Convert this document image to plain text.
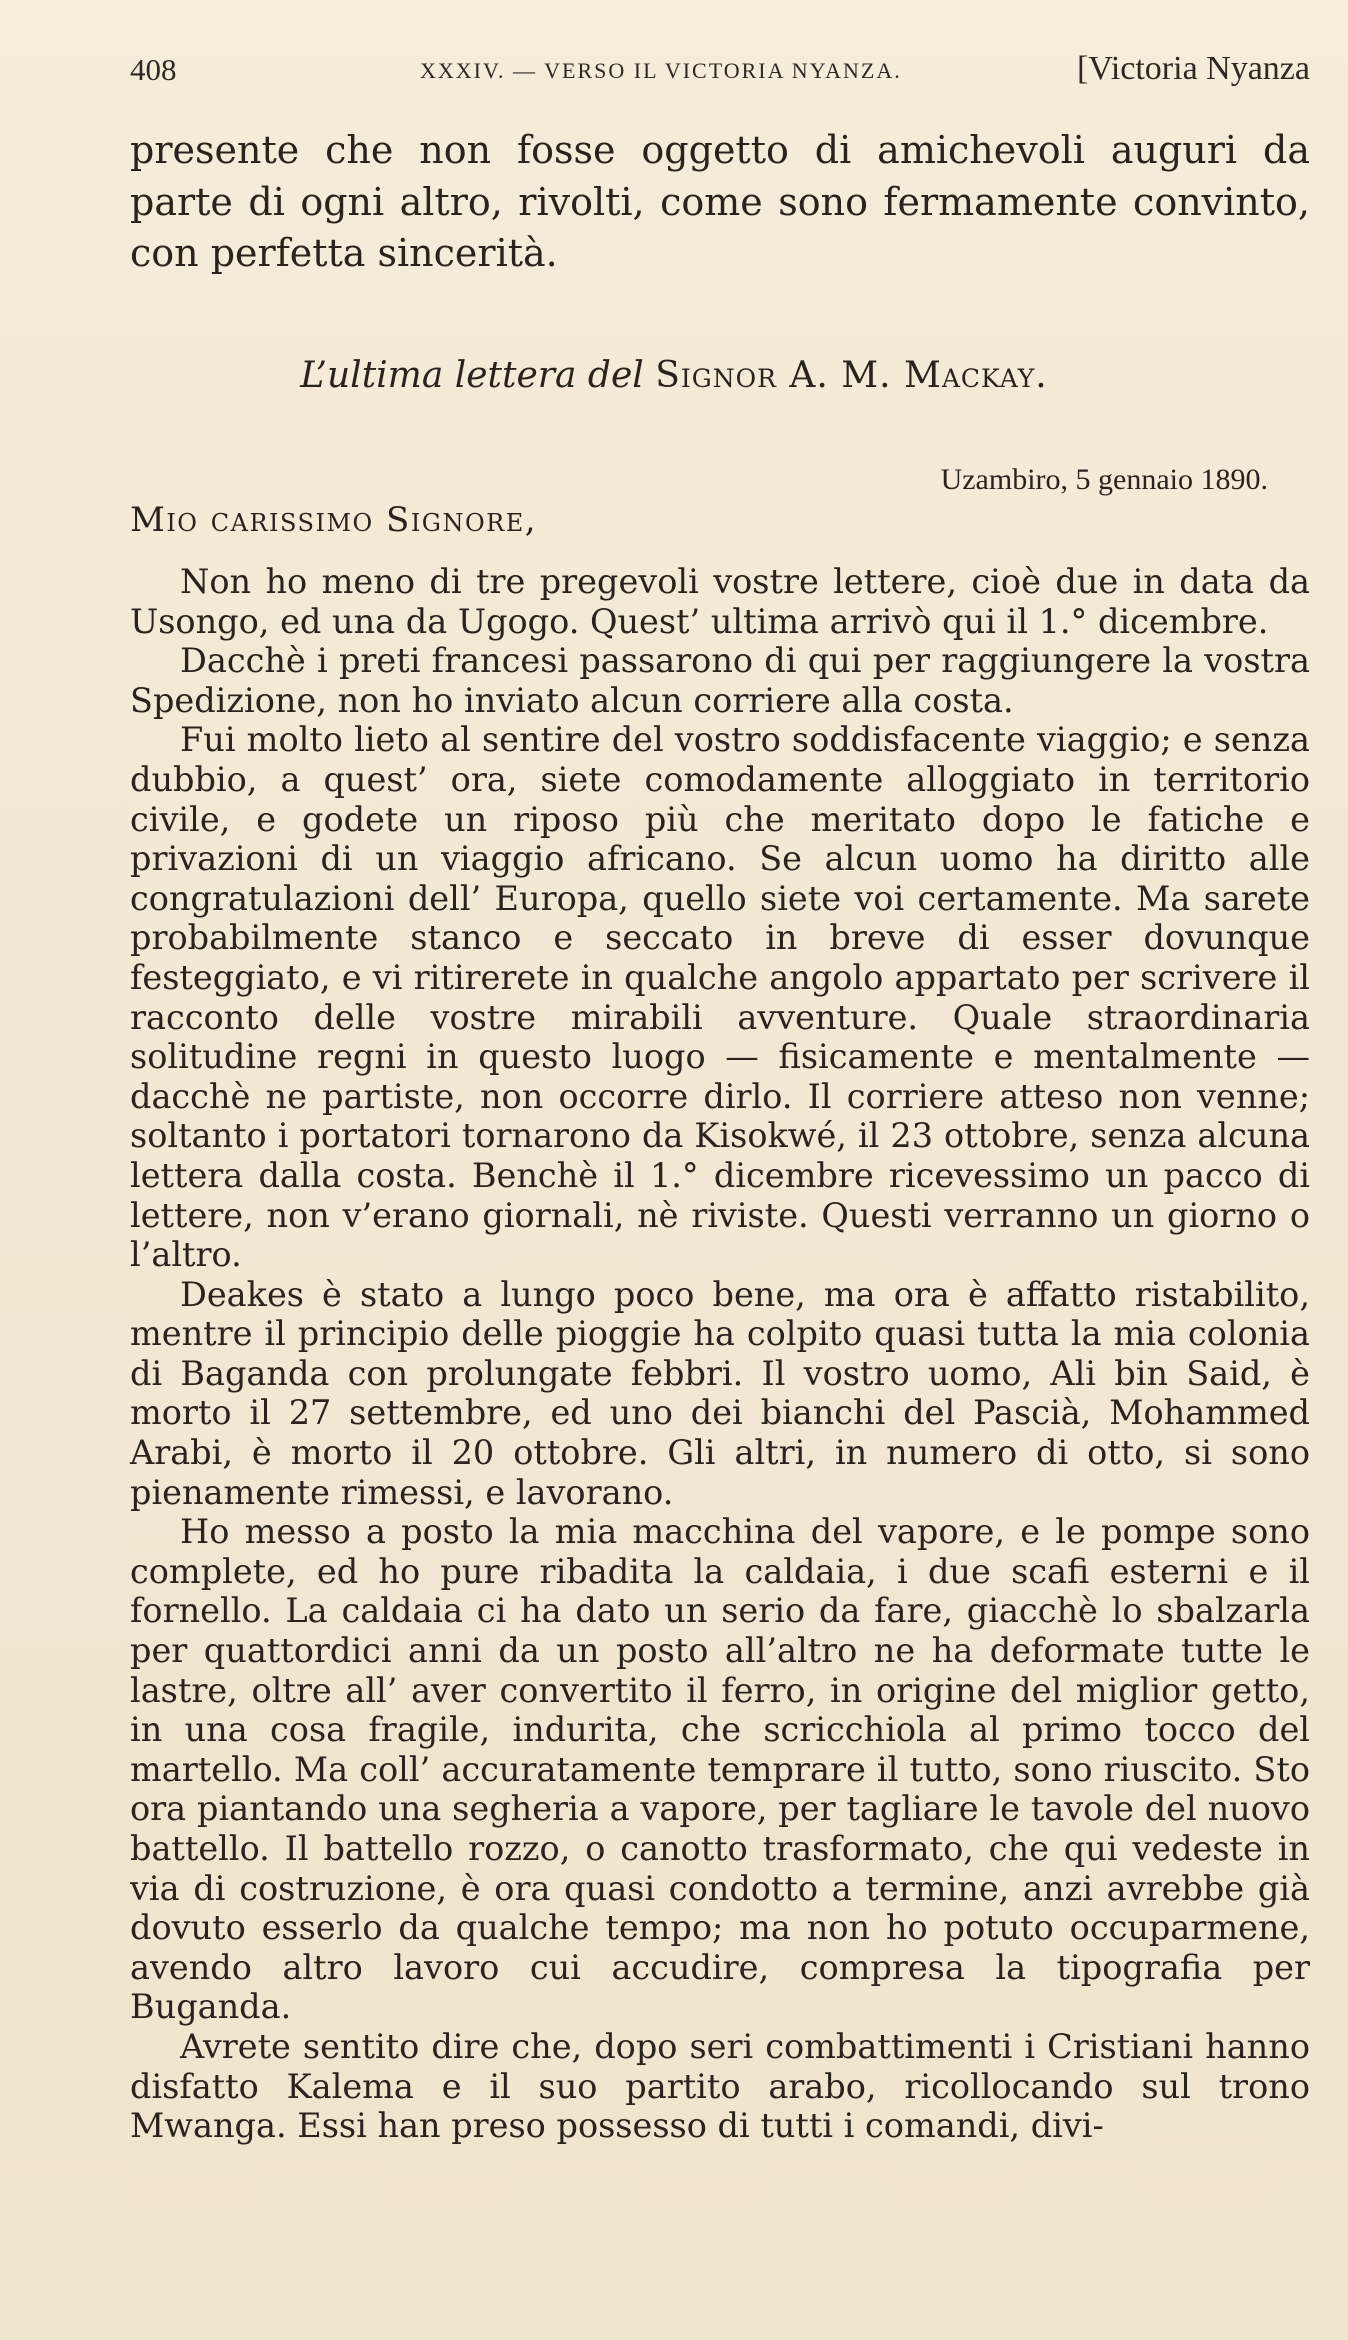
408	XXXIV. — VERSO IL VICTORIA NYANZA.	[Victoria Nyanza

presente che non fosse oggetto di amichevoli auguri da parte di ogni altro, rivolti, come sono fermamente convinto, con perfetta sincerità.

L’ultima lettera del Signor A. M. Mackay.

Uzambiro, 5 gennaio 1890.
Mio carissimo Signore,

Non ho meno di tre pregevoli vostre lettere, cioè due in data da Usongo, ed una da Ugogo. Quest’ ultima arrivò qui il 1.° dicembre.

Dacchè i preti francesi passarono di qui per raggiungere la vostra Spedizione, non ho inviato alcun corriere alla costa.

Fui molto lieto al sentire del vostro soddisfacente viaggio; e senza dubbio, a quest’ ora, siete comodamente alloggiato in territorio civile, e godete un riposo più che meritato dopo le fatiche e privazioni di un viaggio africano. Se alcun uomo ha diritto alle congratulazioni dell’ Europa, quello siete voi certamente. Ma sarete probabilmente stanco e seccato in breve di esser dovunque festeggiato, e vi ritirerete in qualche angolo appartato per scrivere il racconto delle vostre mirabili avventure. Quale straordinaria solitudine regni in questo luogo — fisicamente e mentalmente — dacchè ne partiste, non occorre dirlo. Il corriere atteso non venne; soltanto i portatori tornarono da Kisokwé, il 23 ottobre, senza alcuna lettera dalla costa. Benchè il 1.° dicembre ricevessimo un pacco di lettere, non v’erano giornali, nè riviste. Questi verranno un giorno o l’altro.

Deakes è stato a lungo poco bene, ma ora è affatto ristabilito, mentre il principio delle pioggie ha colpito quasi tutta la mia colonia di Baganda con prolungate febbri. Il vostro uomo, Ali bin Said, è morto il 27 settembre, ed uno dei bianchi del Pascià, Mohammed Arabi, è morto il 20 ottobre. Gli altri, in numero di otto, si sono pienamente rimessi, e lavorano.

Ho messo a posto la mia macchina del vapore, e le pompe sono complete, ed ho pure ribadita la caldaia, i due scafi esterni e il fornello. La caldaia ci ha dato un serio da fare, giacchè lo sbalzarla per quattordici anni da un posto all’altro ne ha deformate tutte le lastre, oltre all’ aver convertito il ferro, in origine del miglior getto, in una cosa fragile, indurita, che scricchiola al primo tocco del martello. Ma coll’ accuratamente temprare il tutto, sono riuscito. Sto ora piantando una segheria a vapore, per tagliare le tavole del nuovo battello. Il battello rozzo, o canotto trasformato, che qui vedeste in via di costruzione, è ora quasi condotto a termine, anzi avrebbe già dovuto esserlo da qualche tempo; ma non ho potuto occuparmene, avendo altro lavoro cui accudire, compresa la tipografia per Buganda.

Avrete sentito dire che, dopo seri combattimenti i Cristiani hanno disfatto Kalema e il suo partito arabo, ricollocando sul trono Mwanga. Essi han preso possesso di tutti i comandi, divi-
